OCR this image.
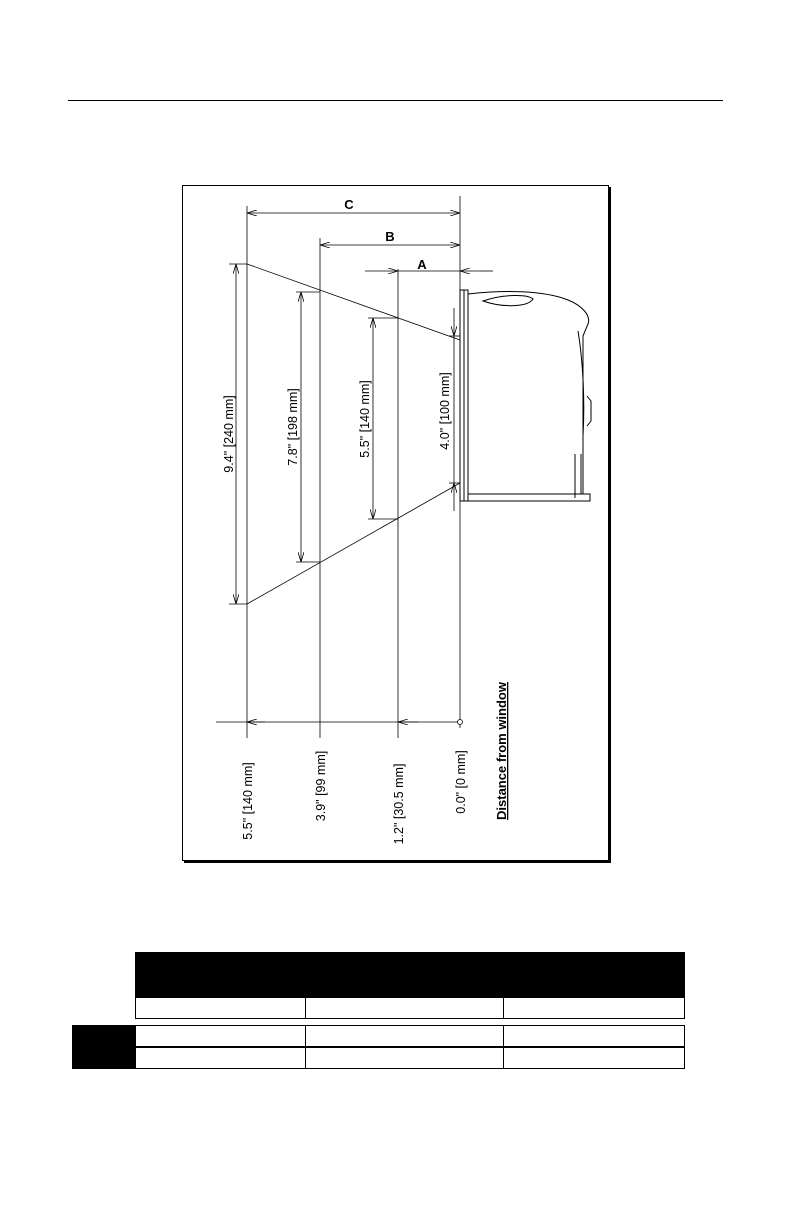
C
B
A
9.4" [240 mm]	7.8" [198 mm]	5.5" [140 mm]	4.0" [100 mm]
5.5" [140 mm]	3.9" [99 mm]	1.2" [30.5 mm]	0.0" [0 mm] Distance from window
